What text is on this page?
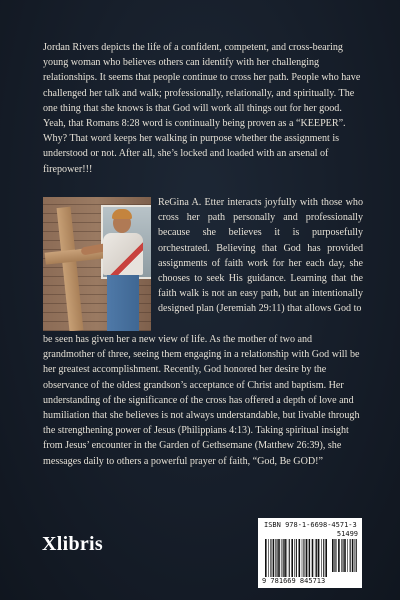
Jordan Rivers depicts the life of a confident, competent, and cross-bearing young woman who believes others can identify with her challenging relationships. It seems that people continue to cross her path. People who have challenged her talk and walk; professionally, relationally, and spiritually. The one thing that she knows is that God will work all things out for her good. Yeah, that Romans 8:28 word is continually being proven as a “KEEPER”. Why? That word keeps her walking in purpose whether the assignment is understood or not. After all, she’s locked and loaded with an arsenal of firepower!!!

ReGina A. Etter interacts joyfully with those who cross her path personally and professionally because she believes it is purposefully orchestrated. Believing that God has provided assignments of faith work for her each day, she chooses to seek His guidance. Learning that the faith walk is not an easy path, but an intentionally designed plan (Jeremiah 29:11) that allows God to

be seen has given her a new view of life. As the mother of two and grandmother of three, seeing them engaging in a relationship with God will be her greatest accomplishment. Recently, God honored her desire by the observance of the oldest grandson’s acceptance of Christ and baptism. Her understanding of the significance of the cross has offered a depth of love and humiliation that she believes is not always understandable, but livable through the strengthening power of Jesus (Philippians 4:13). Taking spiritual insight from Jesus’ encounter in the Garden of Gethsemane (Matthew 26:39), she messages daily to others a powerful prayer of faith, “God, Be GOD!”

Xlibris
ISBN 978-1-6698-4571-3
51499
9 781669 845713
